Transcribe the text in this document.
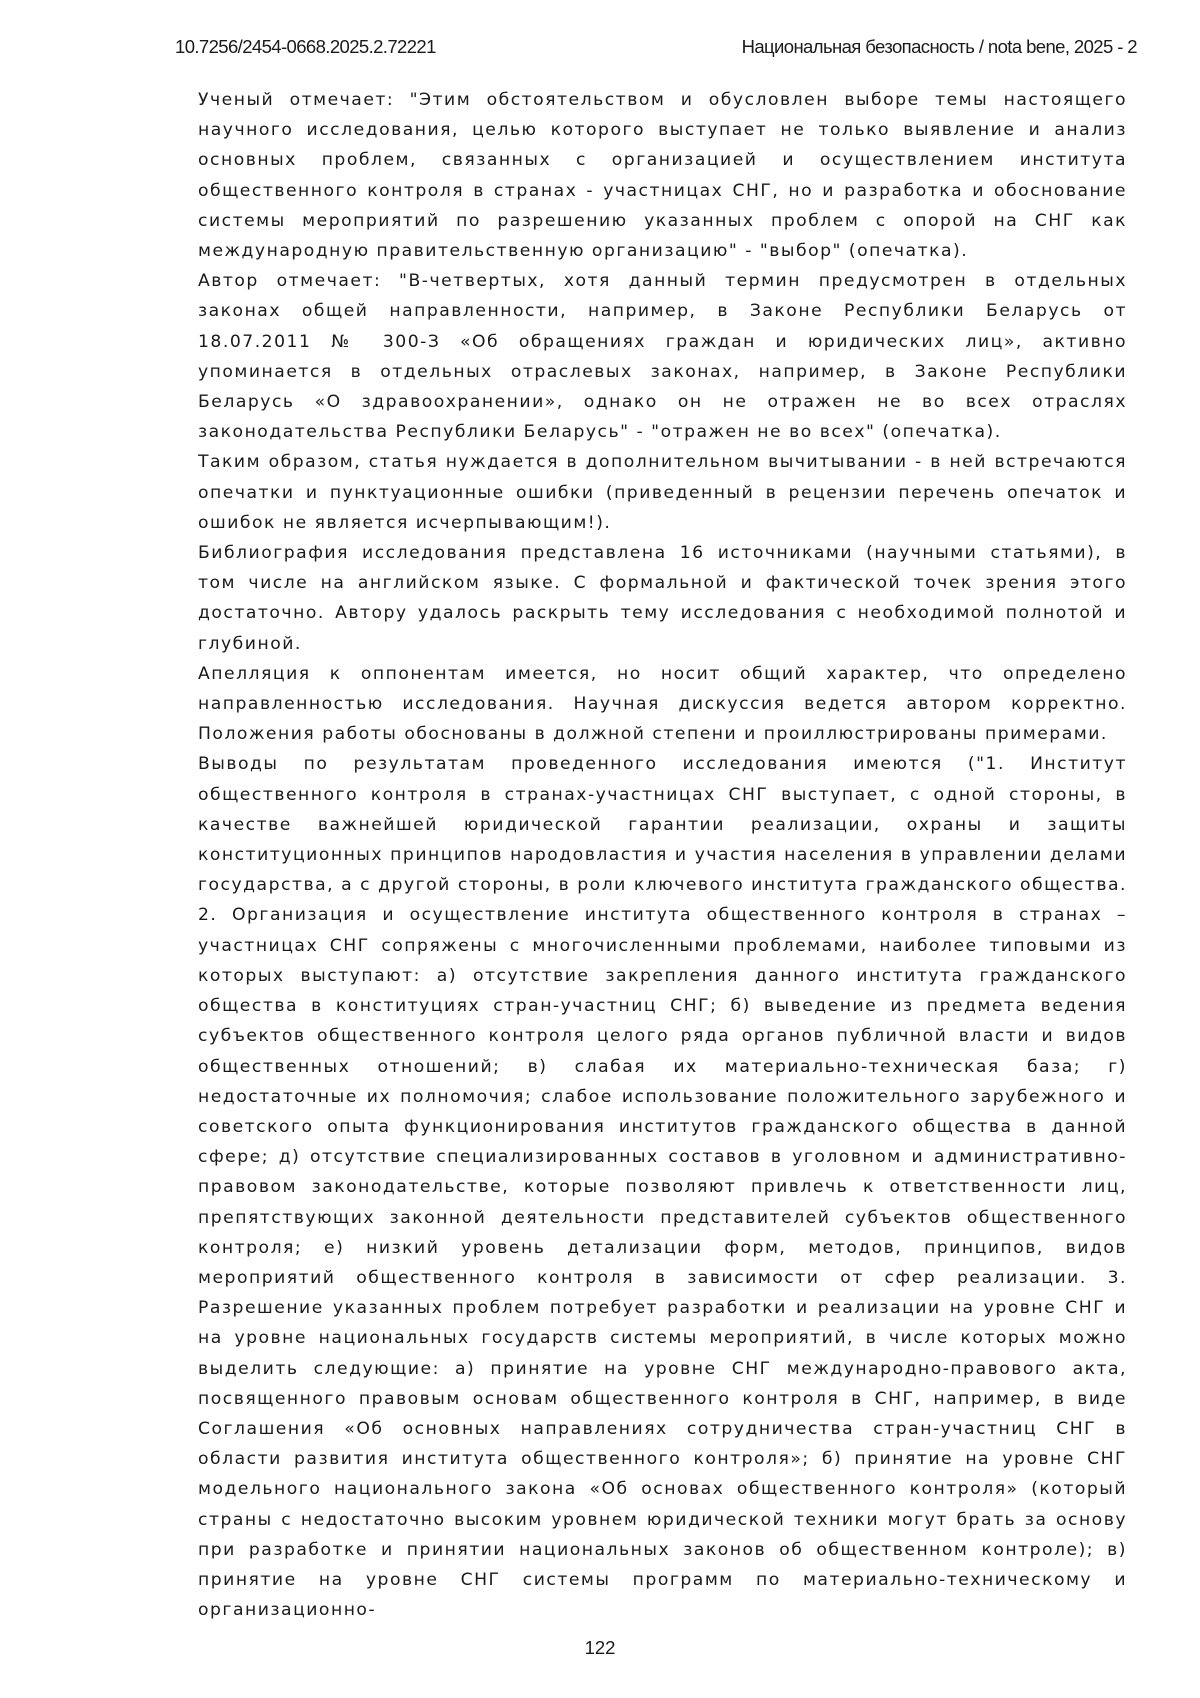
10.7256/2454-0668.2025.2.72221	Национальная безопасность / nota bene, 2025 - 2

Ученый отмечает: "Этим обстоятельством и обусловлен выборе темы настоящего научного исследования, целью которого выступает не только выявление и анализ основных проблем, связанных с организацией и осуществлением института общественного контроля в странах - участницах СНГ, но и разработка и обоснование системы мероприятий по разрешению указанных проблем с опорой на СНГ как международную правительственную организацию" - "выбор" (опечатка).

Автор отмечает: "В-четвертых, хотя данный термин предусмотрен в отдельных законах общей направленности, например, в Законе Республики Беларусь от 18.07.2011 № 300-З «Об обращениях граждан и юридических лиц», активно упоминается в отдельных отраслевых законах, например, в Законе Республики Беларусь «О здравоохранении», однако он не отражен не во всех отраслях законодательства Республики Беларусь" - "отражен не во всех" (опечатка).

Таким образом, статья нуждается в дополнительном вычитывании - в ней встречаются опечатки и пунктуационные ошибки (приведенный в рецензии перечень опечаток и ошибок не является исчерпывающим!).

Библиография исследования представлена 16 источниками (научными статьями), в том числе на английском языке. С формальной и фактической точек зрения этого достаточно. Автору удалось раскрыть тему исследования с необходимой полнотой и глубиной.

Апелляция к оппонентам имеется, но носит общий характер, что определено направленностью исследования. Научная дискуссия ведется автором корректно. Положения работы обоснованы в должной степени и проиллюстрированы примерами.

Выводы по результатам проведенного исследования имеются ("1. Институт общественного контроля в странах-участницах СНГ выступает, с одной стороны, в качестве важнейшей юридической гарантии реализации, охраны и защиты конституционных принципов народовластия и участия населения в управлении делами государства, а с другой стороны, в роли ключевого института гражданского общества. 2. Организация и осуществление института общественного контроля в странах – участницах СНГ сопряжены с многочисленными проблемами, наиболее типовыми из которых выступают: а) отсутствие закрепления данного института гражданского общества в конституциях стран-участниц СНГ; б) выведение из предмета ведения субъектов общественного контроля целого ряда органов публичной власти и видов общественных отношений; в) слабая их материально-техническая база; г) недостаточные их полномочия; слабое использование положительного зарубежного и советского опыта функционирования институтов гражданского общества в данной сфере; д) отсутствие специализированных составов в уголовном и административно-правовом законодательстве, которые позволяют привлечь к ответственности лиц, препятствующих законной деятельности представителей субъектов общественного контроля; е) низкий уровень детализации форм, методов, принципов, видов мероприятий общественного контроля в зависимости от сфер реализации. 3. Разрешение указанных проблем потребует разработки и реализации на уровне СНГ и на уровне национальных государств системы мероприятий, в числе которых можно выделить следующие: а) принятие на уровне СНГ международно-правового акта, посвященного правовым основам общественного контроля в СНГ, например, в виде Соглашения «Об основных направлениях сотрудничества стран-участниц СНГ в области развития института общественного контроля»; б) принятие на уровне СНГ модельного национального закона «Об основах общественного контроля» (который страны с недостаточно высоким уровнем юридической техники могут брать за основу при разработке и принятии национальных законов об общественном контроле); в) принятие на уровне СНГ системы программ по материально-техническому и организационно-

122
